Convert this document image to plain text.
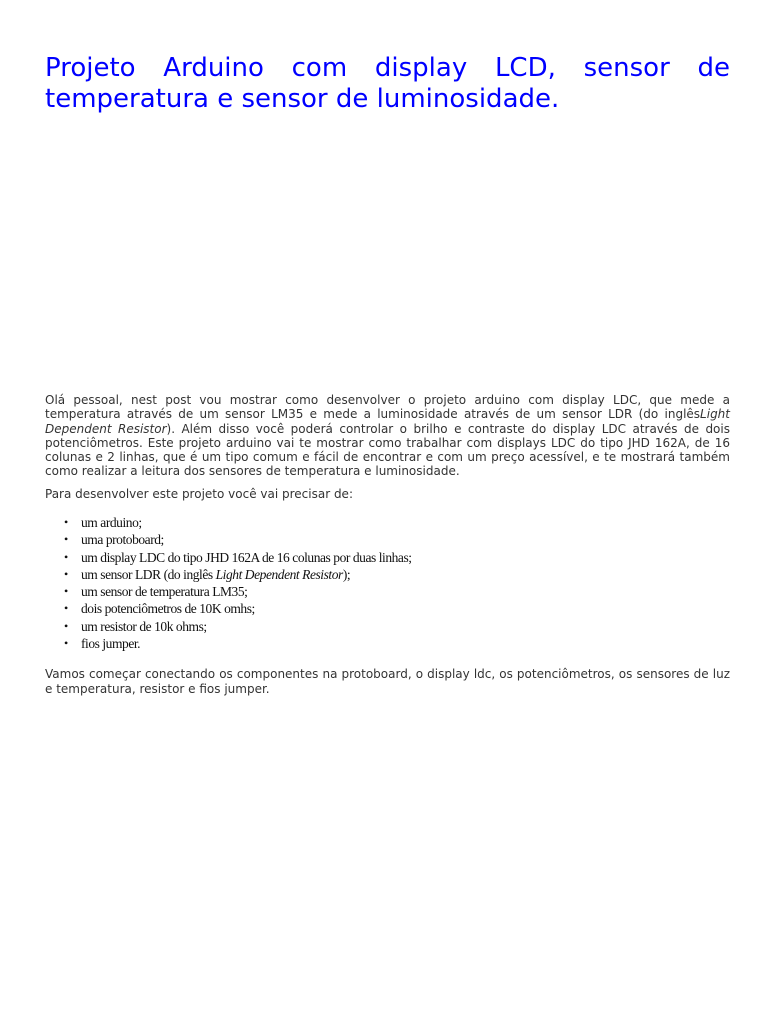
Projeto Arduino com display LCD, sensor de temperatura e sensor de luminosidade.

Olá pessoal, nest post vou mostrar como desenvolver o projeto arduino com display LDC, que mede a temperatura através de um sensor LM35 e mede a luminosidade através de um sensor LDR (do inglêsLight Dependent Resistor). Além disso você poderá controlar o brilho e contraste do display LDC através de dois potenciômetros. Este projeto arduino vai te mostrar como trabalhar com displays LDC do tipo JHD 162A, de 16 colunas e 2 linhas, que é um tipo comum e fácil de encontrar e com um preço acessível, e te mostrará também como realizar a leitura dos sensores de temperatura e luminosidade.

Para desenvolver este projeto você vai precisar de:

• um arduino;
• uma protoboard;
• um display LDC do tipo JHD 162A de 16 colunas por duas linhas;
• um sensor LDR (do inglês Light Dependent Resistor);
• um sensor de temperatura LM35;
• dois potenciômetros de 10K omhs;
• um resistor de 10k ohms;
• fios jumper.

Vamos começar conectando os componentes na protoboard, o display ldc, os potenciômetros, os sensores de luz e temperatura, resistor e fios jumper.
